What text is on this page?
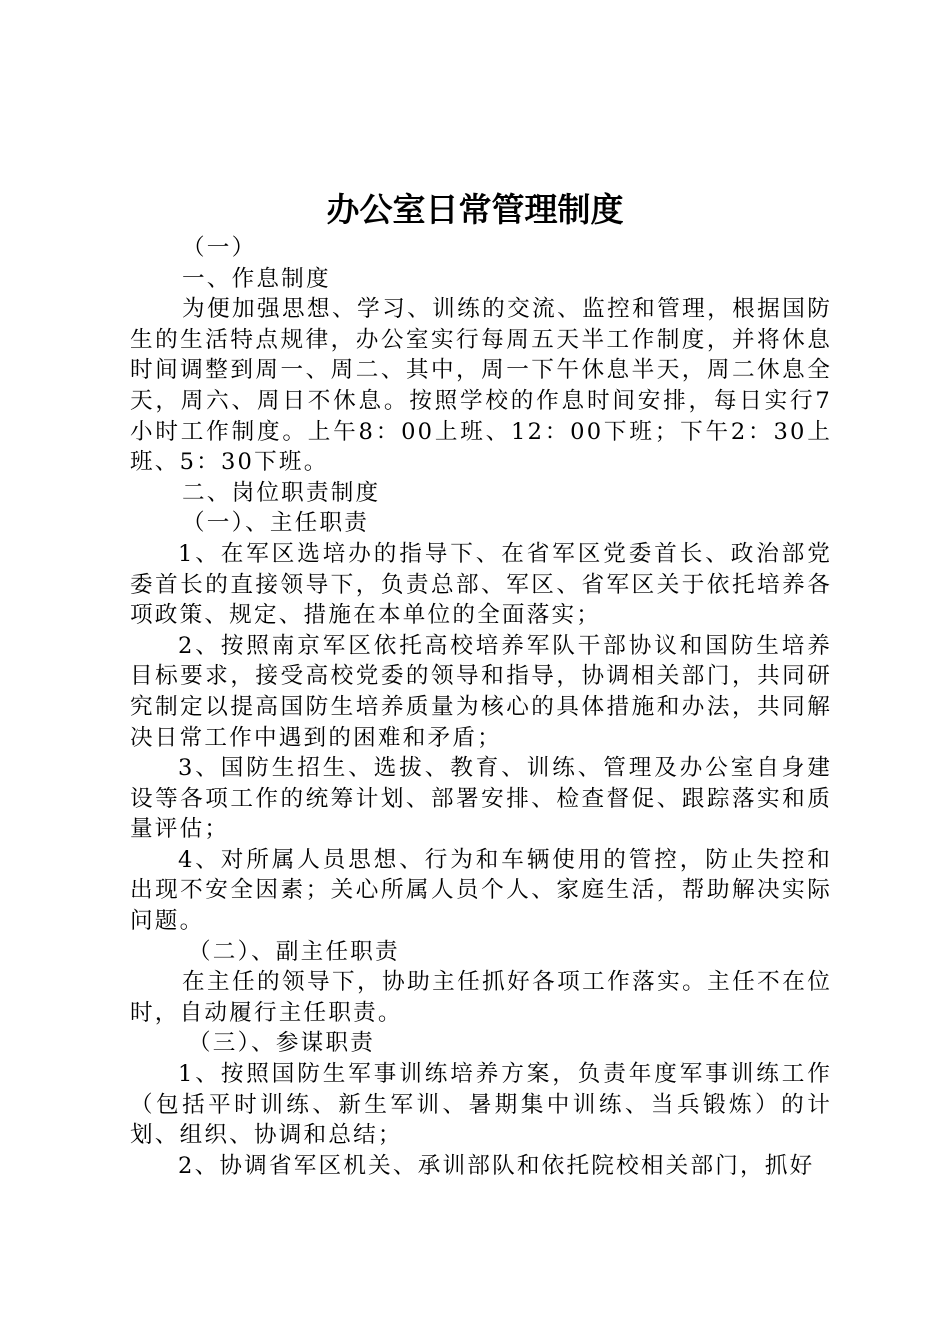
办公室日常管理制度

（一）

一、作息制度

为便加强思想、学习、训练的交流、监控和管理，根据国防生的生活特点规律，办公室实行每周五天半工作制度，并将休息时间调整到周一、周二、其中，周一下午休息半天，周二休息全天，周六、周日不休息。按照学校的作息时间安排，每日实行7小时工作制度。上午8：00上班、12：00下班；下午2：30上班、5：30下班。

二、岗位职责制度

（一）、主任职责

1、在军区选培办的指导下、在省军区党委首长、政治部党委首长的直接领导下，负责总部、军区、省军区关于依托培养各项政策、规定、措施在本单位的全面落实；

2、按照南京军区依托高校培养军队干部协议和国防生培养目标要求，接受高校党委的领导和指导，协调相关部门，共同研究制定以提高国防生培养质量为核心的具体措施和办法，共同解决日常工作中遇到的困难和矛盾；

3、国防生招生、选拔、教育、训练、管理及办公室自身建设等各项工作的统筹计划、部署安排、检查督促、跟踪落实和质量评估；

4、对所属人员思想、行为和车辆使用的管控，防止失控和出现不安全因素；关心所属人员个人、家庭生活，帮助解决实际问题。

（二）、副主任职责

在主任的领导下，协助主任抓好各项工作落实。主任不在位时，自动履行主任职责。

（三）、参谋职责

1、按照国防生军事训练培养方案，负责年度军事训练工作（包括平时训练、新生军训、暑期集中训练、当兵锻炼）的计划、组织、协调和总结；

2、协调省军区机关、承训部队和依托院校相关部门，抓好
